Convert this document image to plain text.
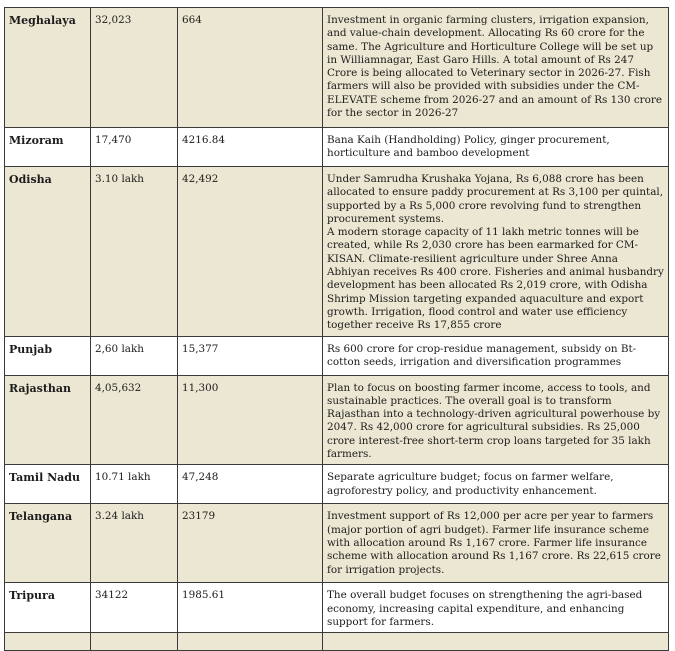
Meghalaya	32,023	664	Investment in organic farming clusters, irrigation expansion, and value-chain development. Allocating Rs 60 crore for the same. The Agriculture and Horticulture College will be set up in Williamnagar, East Garo Hills. A total amount of Rs 247 Crore is being allocated to Veterinary sector in 2026-27. Fish farmers will also be provided with subsidies under the CM-ELEVATE scheme from 2026-27 and an amount of Rs 130 crore for the sector in 2026-27

Mizoram	17,470	4216.84	Bana Kaih (Handholding) Policy, ginger procurement, horticulture and bamboo development

Odisha	3.10 lakh	42,492	Under Samrudha Krushaka Yojana, Rs 6,088 crore has been allocated to ensure paddy procurement at Rs 3,100 per quintal, supported by a Rs 5,000 crore revolving fund to strengthen procurement systems.
A modern storage capacity of 11 lakh metric tonnes will be created, while Rs 2,030 crore has been earmarked for CM-KISAN. Climate-resilient agriculture under Shree Anna Abhiyan receives Rs 400 crore. Fisheries and animal husbandry development has been allocated Rs 2,019 crore, with Odisha Shrimp Mission targeting expanded aquaculture and export growth. Irrigation, flood control and water use efficiency together receive Rs 17,855 crore

Punjab	2,60 lakh	15,377	Rs 600 crore for crop-residue management, subsidy on Bt-cotton seeds, irrigation and diversification programmes

Rajasthan	4,05,632	11,300	Plan to focus on boosting farmer income, access to tools, and sustainable practices. The overall goal is to transform Rajasthan into a technology-driven agricultural powerhouse by 2047. Rs 42,000 crore for agricultural subsidies. Rs 25,000 crore interest-free short-term crop loans targeted for 35 lakh farmers.

Tamil Nadu	10.71 lakh	47,248	Separate agriculture budget; focus on farmer welfare, agroforestry policy, and productivity enhancement.

Telangana	3.24 lakh	23179	Investment support of Rs 12,000 per acre per year to farmers (major portion of agri budget). Farmer life insurance scheme with allocation around Rs 1,167 crore. Farmer life insurance scheme with allocation around Rs 1,167 crore. Rs 22,615 crore for irrigation projects.

Tripura	34122	1985.61	The overall budget focuses on strengthening the agri-based economy, increasing capital expenditure, and enhancing support for farmers.
